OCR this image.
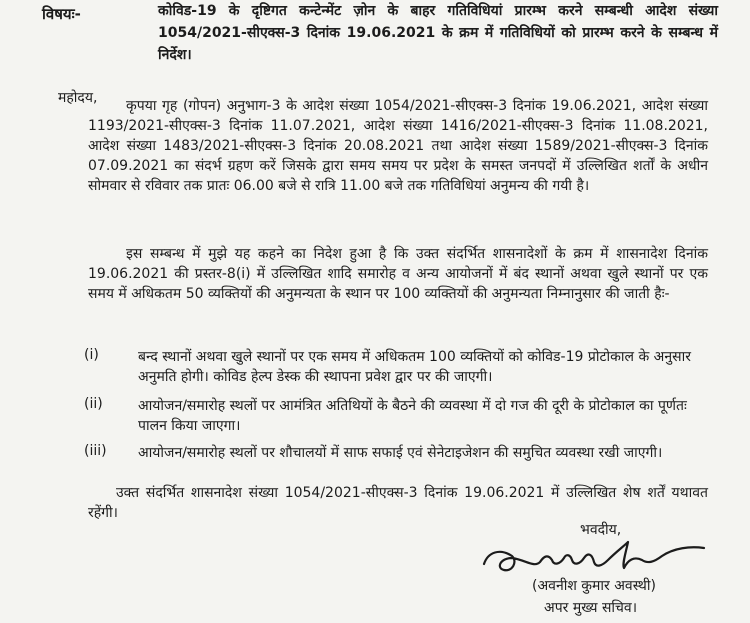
विषयः-	कोविड-19 के दृष्टिगत कन्टेन्मेंट ज़ोन के बाहर गतिविधियां प्रारम्भ करने सम्बन्धी आदेश संख्या 1054/2021-सीएक्स-3 दिनांक 19.06.2021 के क्रम में गतिविधियों को प्रारम्भ करने के सम्बन्ध में निर्देश।
महोदय,	कृपया गृह (गोपन) अनुभाग-3 के आदेश संख्या 1054/2021-सीएक्स-3 दिनांक 19.06.2021, आदेश संख्या 1193/2021-सीएक्स-3 दिनांक 11.07.2021, आदेश संख्या 1416/2021-सीएक्स-3 दिनांक 11.08.2021, आदेश संख्या 1483/2021-सीएक्स-3 दिनांक 20.08.2021 तथा आदेश संख्या 1589/2021-सीएक्स-3 दिनांक 07.09.2021 का संदर्भ ग्रहण करें जिसके द्वारा समय समय पर प्रदेश के समस्त जनपदों में उल्लिखित शर्तों के अधीन सोमवार से रविवार तक प्रातः 06.00 बजे से रात्रि 11.00 बजे तक गतिविधियां अनुमन्य की गयी है।
इस सम्बन्ध में मुझे यह कहने का निदेश हुआ है कि उक्त संदर्भित शासनादेशों के क्रम में शासनादेश दिनांक 19.06.2021 की प्रस्तर-8(i) में उल्लिखित शादि समारोह व अन्य आयोजनों में बंद स्थानों अथवा खुले स्थानों पर एक समय में अधिकतम 50 व्यक्तियों की अनुमन्यता के स्थान पर 100 व्यक्तियों की अनुमन्यता निम्नानुसार की जाती हैः-
(i)	बन्द स्थानों अथवा खुले स्थानों पर एक समय में अधिकतम 100 व्यक्तियों को कोविड-19 प्रोटोकाल के अनुसार अनुमति होगी। कोविड हेल्प डेस्क की स्थापना प्रवेश द्वार पर की जाएगी।
(ii)	आयोजन/समारोह स्थलों पर आमंत्रित अतिथियों के बैठने की व्यवस्था में दो गज की दूरी के प्रोटोकाल का पूर्णतः पालन किया जाएगा।
(iii) आयोजन/समारोह स्थलों पर शौचालयों में साफ सफाई एवं सेनेटाइजेशन की समुचित व्यवस्था रखी जाएगी।
उक्त संदर्भित शासनादेश संख्या 1054/2021-सीएक्स-3 दिनांक 19.06.2021 में उल्लिखित शेष शर्तें यथावत रहेंगी।
भवदीय,
(अवनीश कुमार अवस्थी)
अपर मुख्य सचिव।
